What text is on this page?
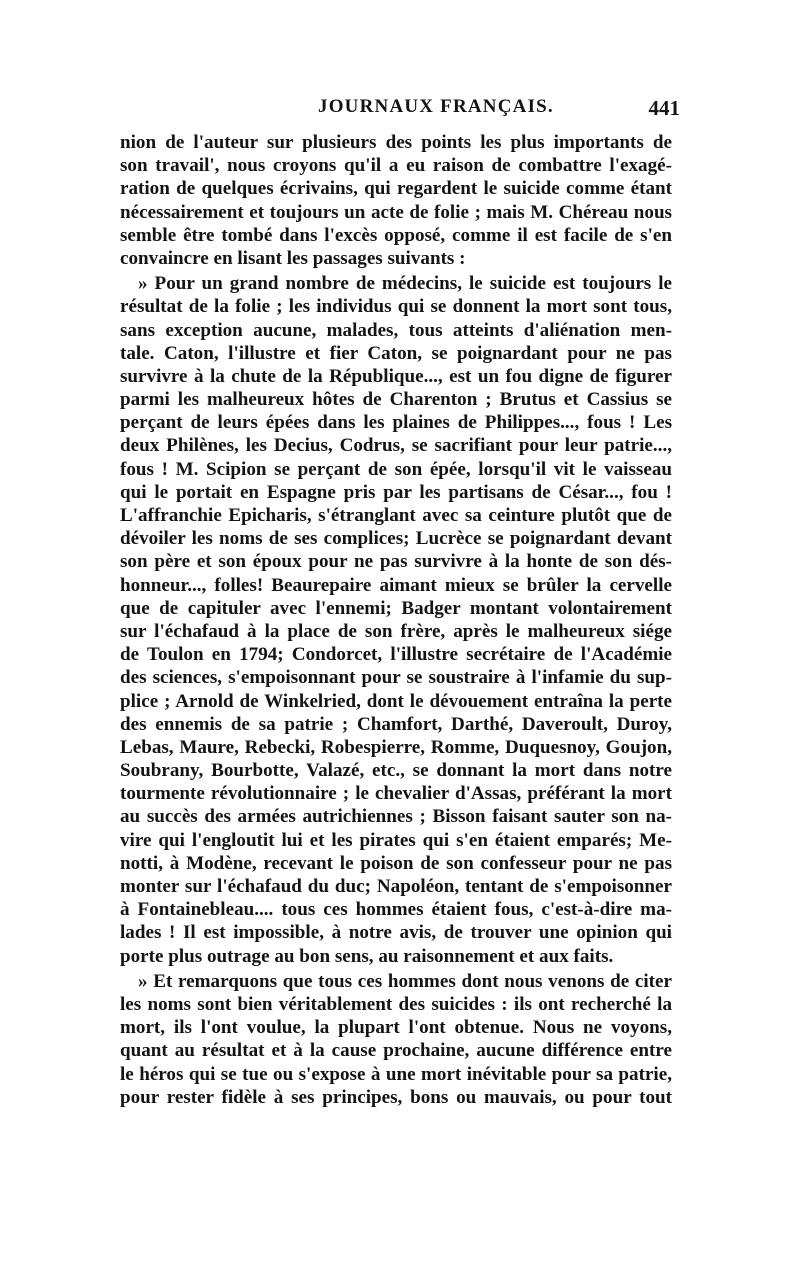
JOURNAUX FRANÇAIS.	441
nion de l'auteur sur plusieurs des points les plus importants de
son travail', nous croyons qu'il a eu raison de combattre l'exagé-
ration de quelques écrivains, qui regardent le suicide comme étant
nécessairement et toujours un acte de folie ; mais M. Chéreau nous
semble être tombé dans l'excès opposé, comme il est facile de s'en
convaincre en lisant les passages suivants :
» Pour un grand nombre de médecins, le suicide est toujours le
résultat de la folie ; les individus qui se donnent la mort sont tous,
sans exception aucune, malades, tous atteints d'aliénation men-
tale. Caton, l'illustre et fier Caton, se poignardant pour ne pas
survivre à la chute de la République..., est un fou digne de figurer
parmi les malheureux hôtes de Charenton ; Brutus et Cassius se
perçant de leurs épées dans les plaines de Philippes..., fous ! Les
deux Philènes, les Decius, Codrus, se sacrifiant pour leur patrie...,
fous ! M. Scipion se perçant de son épée, lorsqu'il vit le vaisseau
qui le portait en Espagne pris par les partisans de César..., fou !
L'affranchie Epicharis, s'étranglant avec sa ceinture plutôt que de
dévoiler les noms de ses complices; Lucrèce se poignardant devant
son père et son époux pour ne pas survivre à la honte de son dés-
honneur..., folles! Beaurepaire aimant mieux se brûler la cervelle
que de capituler avec l'ennemi; Badger montant volontairement
sur l'échafaud à la place de son frère, après le malheureux siége
de Toulon en 1794; Condorcet, l'illustre secrétaire de l'Académie
des sciences, s'empoisonnant pour se soustraire à l'infamie du sup-
plice ; Arnold de Winkelried, dont le dévouement entraîna la perte
des ennemis de sa patrie ; Chamfort, Darthé, Daveroult, Duroy,
Lebas, Maure, Rebecki, Robespierre, Romme, Duquesnoy, Goujon,
Soubrany, Bourbotte, Valazé, etc., se donnant la mort dans notre
tourmente révolutionnaire ; le chevalier d'Assas, préférant la mort
au succès des armées autrichiennes ; Bisson faisant sauter son na-
vire qui l'engloutit lui et les pirates qui s'en étaient emparés; Me-
notti, à Modène, recevant le poison de son confesseur pour ne pas
monter sur l'échafaud du duc; Napoléon, tentant de s'empoisonner
à Fontainebleau.... tous ces hommes étaient fous, c'est-à-dire ma-
lades ! Il est impossible, à notre avis, de trouver une opinion qui
porte plus outrage au bon sens, au raisonnement et aux faits.
» Et remarquons que tous ces hommes dont nous venons de citer
les noms sont bien véritablement des suicides : ils ont recherché la
mort, ils l'ont voulue, la plupart l'ont obtenue. Nous ne voyons,
quant au résultat et à la cause prochaine, aucune différence entre
le héros qui se tue ou s'expose à une mort inévitable pour sa patrie,
pour rester fidèle à ses principes, bons ou mauvais, ou pour tout
